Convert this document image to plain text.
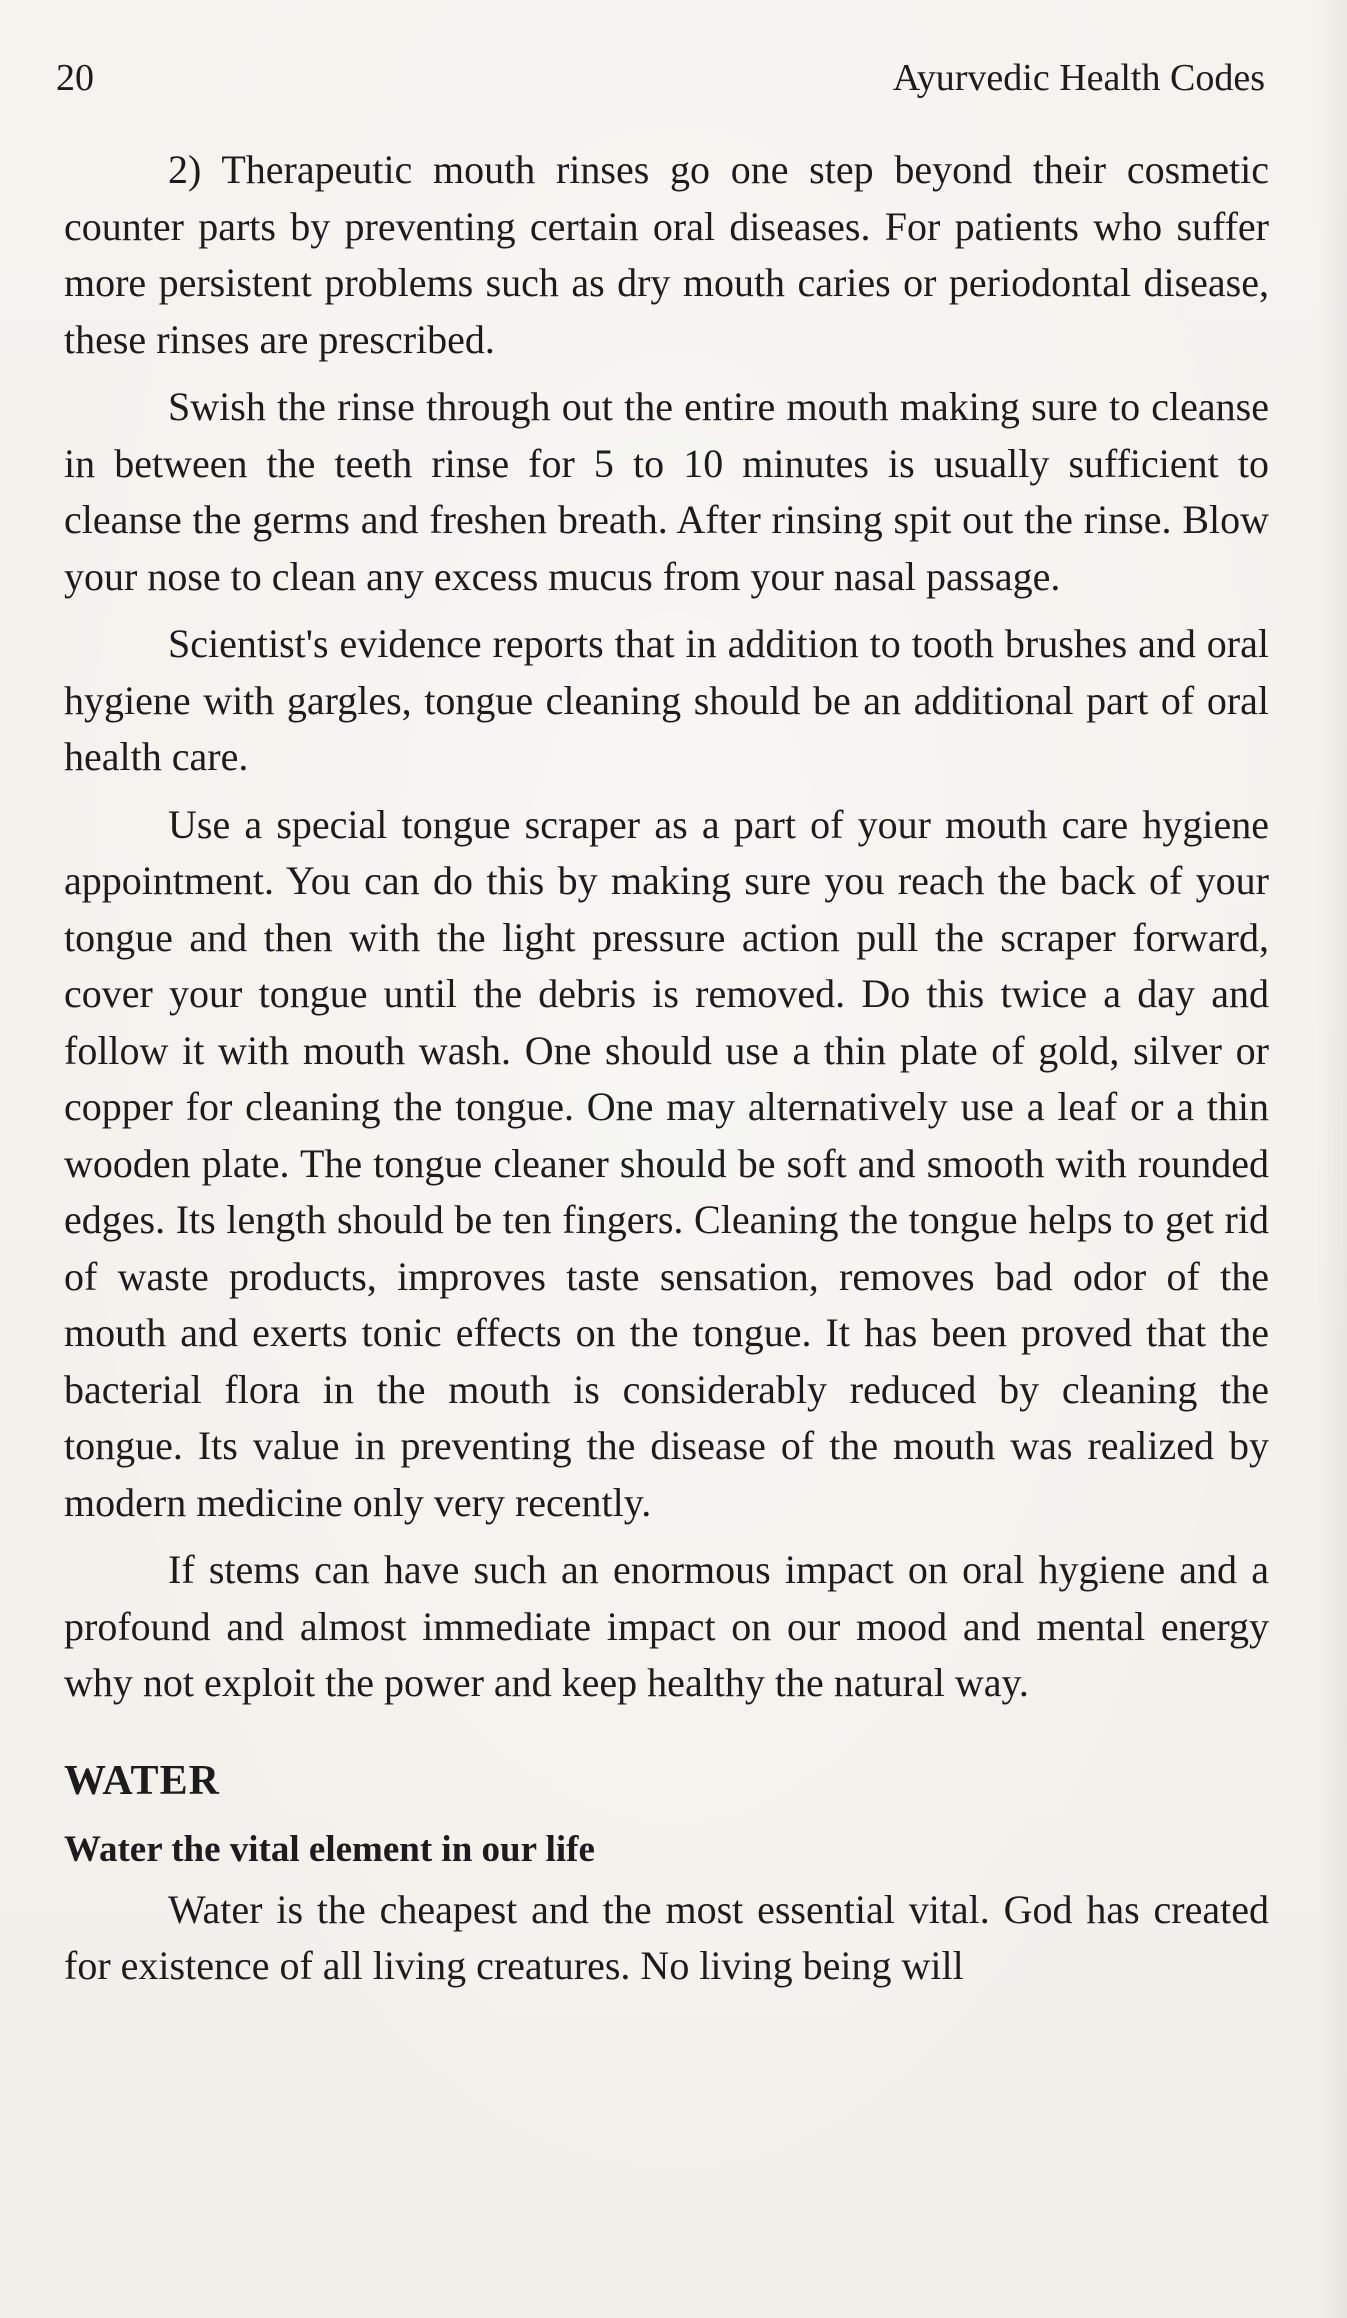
20	Ayurvedic Health Codes

2) Therapeutic mouth rinses go one step beyond their cosmetic counter parts by preventing certain oral diseases. For patients who suffer more persistent problems such as dry mouth caries or periodontal disease, these rinses are prescribed.

Swish the rinse through out the entire mouth making sure to cleanse in between the teeth rinse for 5 to 10 minutes is usually sufficient to cleanse the germs and freshen breath. After rinsing spit out the rinse. Blow your nose to clean any excess mucus from your nasal passage.

Scientist's evidence reports that in addition to tooth brushes and oral hygiene with gargles, tongue cleaning should be an additional part of oral health care.

Use a special tongue scraper as a part of your mouth care hygiene appointment. You can do this by making sure you reach the back of your tongue and then with the light pressure action pull the scraper forward, cover your tongue until the debris is removed. Do this twice a day and follow it with mouth wash. One should use a thin plate of gold, silver or copper for cleaning the tongue. One may alternatively use a leaf or a thin wooden plate. The tongue cleaner should be soft and smooth with rounded edges. Its length should be ten fingers. Cleaning the tongue helps to get rid of waste products, improves taste sensation, removes bad odor of the mouth and exerts tonic effects on the tongue. It has been proved that the bacterial flora in the mouth is considerably reduced by cleaning the tongue. Its value in preventing the disease of the mouth was realized by modern medicine only very recently.

If stems can have such an enormous impact on oral hygiene and a profound and almost immediate impact on our mood and mental energy why not exploit the power and keep healthy the natural way.

WATER
Water the vital element in our life

Water is the cheapest and the most essential vital. God has created for existence of all living creatures. No living being will
